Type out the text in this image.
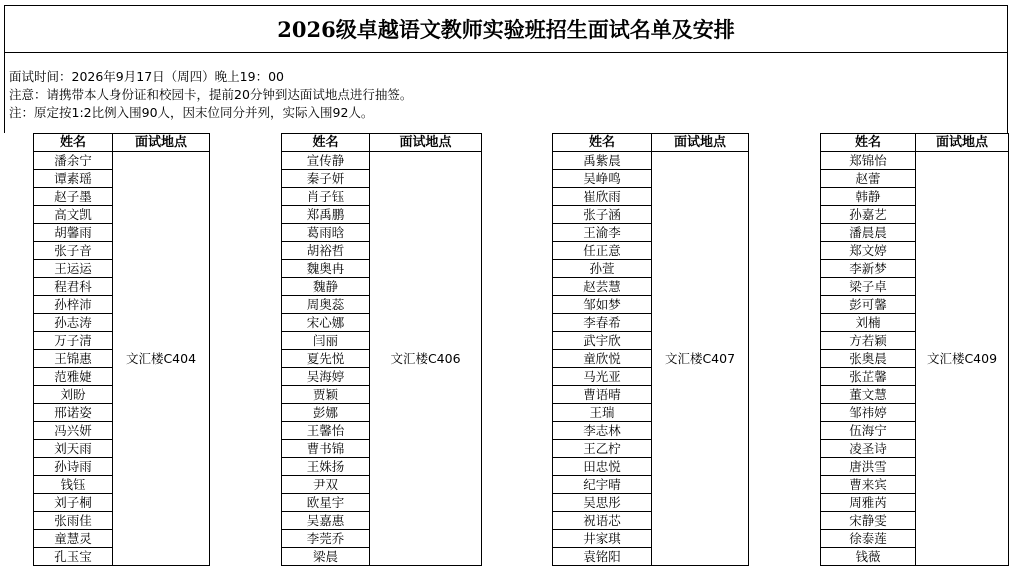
2026级卓越语文教师实验班招生面试名单及安排
面试时间：2026年9月17日（周四）晚上19：00
注意：请携带本人身份证和校园卡，提前20分钟到达面试地点进行抽签。
注：原定按1:2比例入围90人，因末位同分并列，实际入围92人。
姓名	面试地点
潘余宁	文汇楼C404
谭素瑶	
赵子墨	
高文凯	
胡馨雨	
张子音	
王运运	
程君科	
孙梓沛	
孙志涛	
万子清	
王锦惠	
范雅婕	
刘盼	
邢诺姿	
冯兴妍	
刘天雨	
孙诗雨	
钱钰	
刘子桐	
张雨佳	
童慧灵	
孔玉宝	
姓名	面试地点
宣传静	文汇楼C406
秦子妍	
肖子钰	
郑禹鹏	
葛雨晗	
胡裕哲	
魏奥冉	
魏静	
周奥蕊	
宋心娜	
闫丽	
夏先悦	
吴海婷	
贾颖	
彭娜	
王馨怡	
曹书锦	
王姝扬	
尹双	
欧星宇	
吴嘉惠	
李莞乔	
梁晨	
姓名	面试地点
禹紫晨	文汇楼C407
吴峥鸣	
崔欣雨	
张子涵	
王渝李	
任正意	
孙萱	
赵芸慧	
邹如梦	
李春希	
武宇欣	
童欣悦	
马光亚	
曹语晴	
王瑞	
李志林	
王乙柠	
田忠悦	
纪宇晴	
吴思彤	
祝语芯	
井家琪	
袁铭阳	
姓名	面试地点
郑锦怡	文汇楼C409
赵蕾	
韩静	
孙嘉艺	
潘晨晨	
郑文婷	
李新梦	
梁子卓	
彭可馨	
刘楠	
方若颖	
张奥晨	
张芷馨	
董文慧	
邹祎婷	
伍海宁	
凌圣诗	
唐洪雪	
曹来宾	
周雅芮	
宋静雯	
徐泰莲	
钱薇	
